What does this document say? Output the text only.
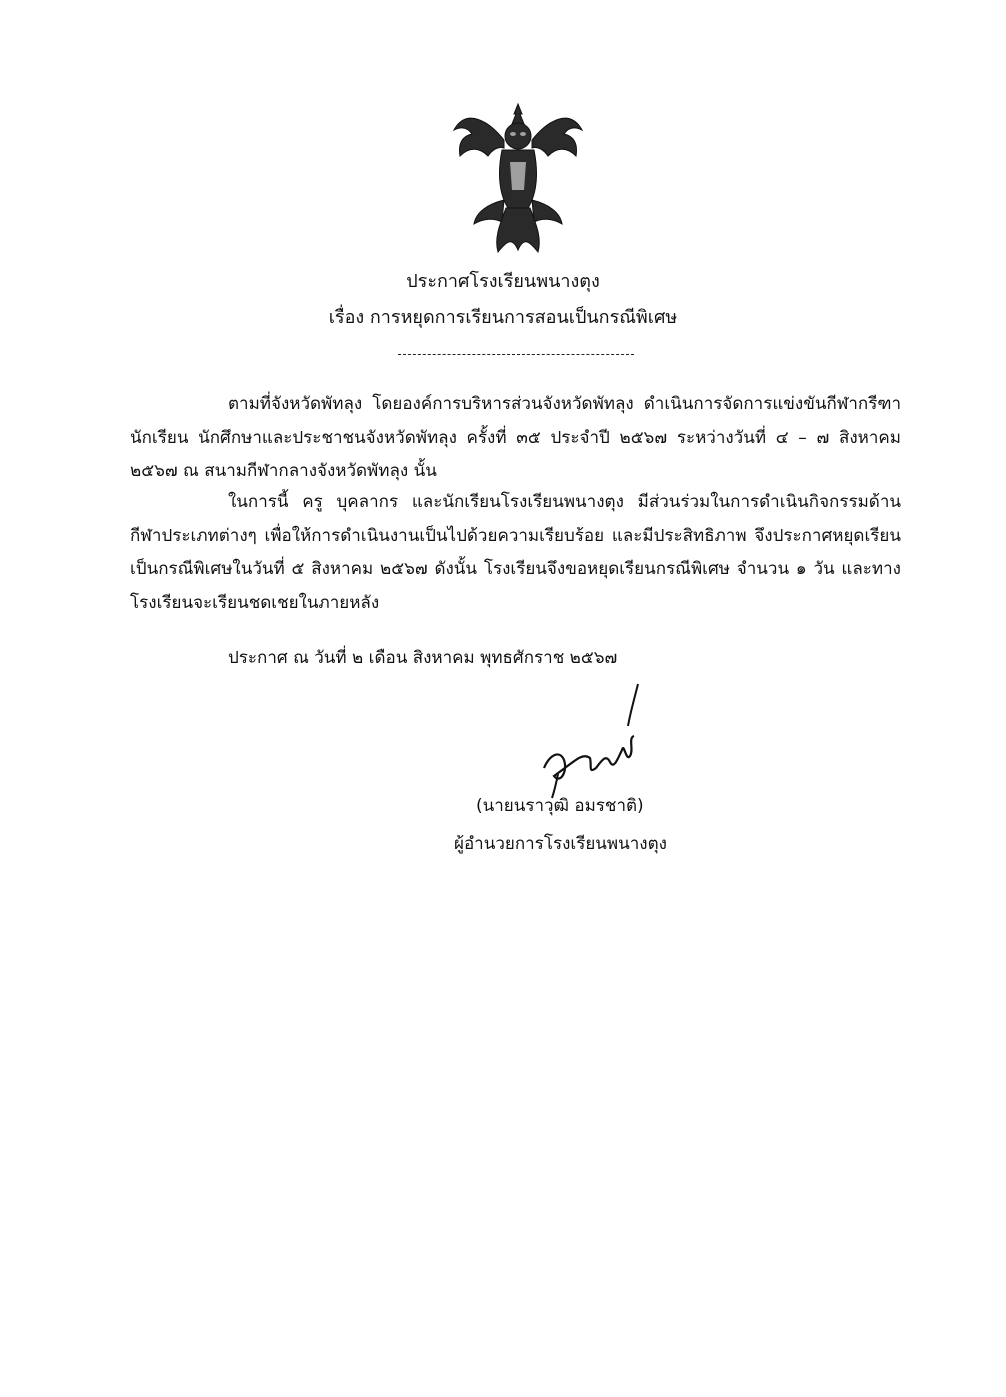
ประกาศโรงเรียนพนางตุง
เรื่อง การหยุดการเรียนการสอนเป็นกรณีพิเศษ

ตามที่จังหวัดพัทลุง โดยองค์การบริหารส่วนจังหวัดพัทลุง ดำเนินการจัดการแข่งขันกีฬากรีฑา นักเรียน นักศึกษาและประชาชนจังหวัดพัทลุง ครั้งที่ ๓๕ ประจำปี ๒๕๖๗ ระหว่างวันที่ ๔ – ๗ สิงหาคม ๒๕๖๗ ณ สนามกีฬากลางจังหวัดพัทลุง นั้น

ในการนี้ ครู บุคลากร และนักเรียนโรงเรียนพนางตุง มีส่วนร่วมในการดำเนินกิจกรรมด้าน กีฬาประเภทต่างๆ เพื่อให้การดำเนินงานเป็นไปด้วยความเรียบร้อย และมีประสิทธิภาพ จึงประกาศหยุดเรียน เป็นกรณีพิเศษในวันที่ ๕ สิงหาคม ๒๕๖๗ ดังนั้น โรงเรียนจึงขอหยุดเรียนกรณีพิเศษ จำนวน ๑ วัน และทาง โรงเรียนจะเรียนชดเชยในภายหลัง

ประกาศ ณ วันที่ ๒ เดือน สิงหาคม พุทธศักราช ๒๕๖๗
(นายนราวุฒิ อมรชาติ)
ผู้อำนวยการโรงเรียนพนางตุง
